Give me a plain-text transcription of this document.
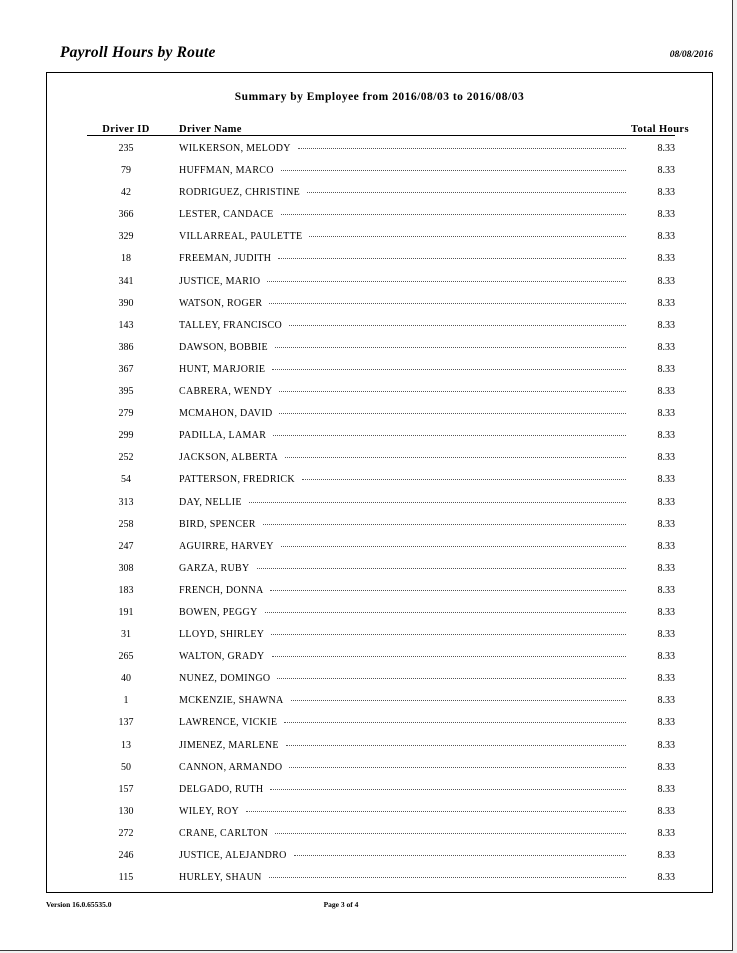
Payroll Hours by Route	08/08/2016
Summary by Employee from 2016/08/03 to 2016/08/03
Driver ID	Driver Name	Total Hours
235	WILKERSON, MELODY	8.33
79	HUFFMAN, MARCO	8.33
42	RODRIGUEZ, CHRISTINE	8.33
366	LESTER, CANDACE	8.33
329	VILLARREAL, PAULETTE	8.33
18	FREEMAN, JUDITH	8.33
341	JUSTICE, MARIO	8.33
390	WATSON, ROGER	8.33
143	TALLEY, FRANCISCO	8.33
386	DAWSON, BOBBIE	8.33
367	HUNT, MARJORIE	8.33
395	CABRERA, WENDY	8.33
279	MCMAHON, DAVID	8.33
299	PADILLA, LAMAR	8.33
252	JACKSON, ALBERTA	8.33
54	PATTERSON, FREDRICK	8.33
313	DAY, NELLIE	8.33
258	BIRD, SPENCER	8.33
247	AGUIRRE, HARVEY	8.33
308	GARZA, RUBY	8.33
183	FRENCH, DONNA	8.33
191	BOWEN, PEGGY	8.33
31	LLOYD, SHIRLEY	8.33
265	WALTON, GRADY	8.33
40	NUNEZ, DOMINGO	8.33
1	MCKENZIE, SHAWNA	8.33
137	LAWRENCE, VICKIE	8.33
13	JIMENEZ, MARLENE	8.33
50	CANNON, ARMANDO	8.33
157	DELGADO, RUTH	8.33
130	WILEY, ROY	8.33
272	CRANE, CARLTON	8.33
246	JUSTICE, ALEJANDRO	8.33
115	HURLEY, SHAUN	8.33
Version 16.0.65535.0	Page 3 of 4
